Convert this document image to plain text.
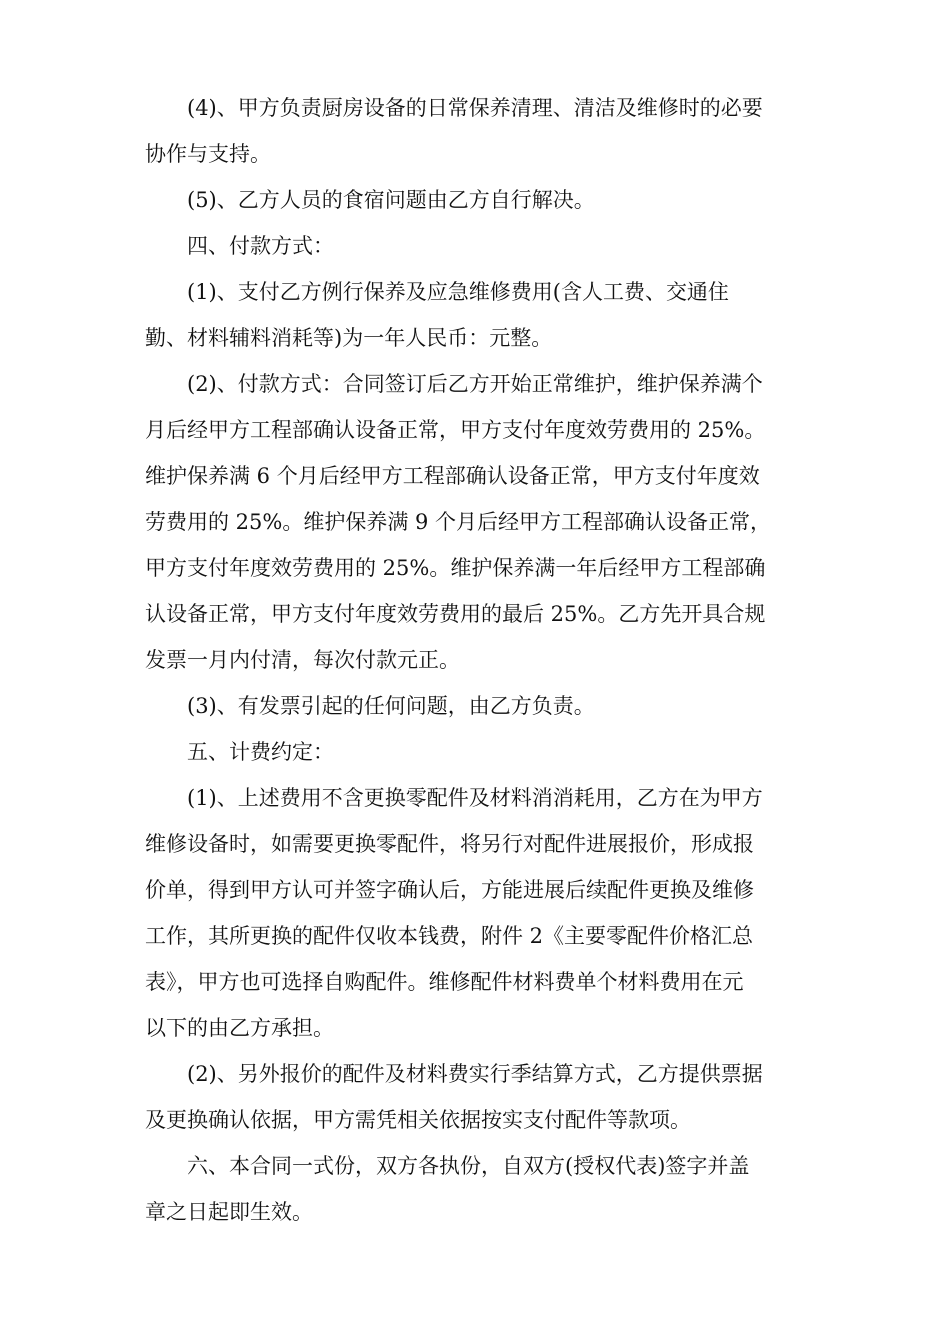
(4)、甲方负责厨房设备的日常保养清理、清洁及维修时的必要
协作与支持。

(5)、乙方人员的食宿问题由乙方自行解决。

四、付款方式：

(1)、支付乙方例行保养及应急维修费用(含人工费、交通住
勤、材料辅料消耗等)为一年人民币：元整。

(2)、付款方式：合同签订后乙方开始正常维护，维护保养满个
月后经甲方工程部确认设备正常，甲方支付年度效劳费用的 25%。
维护保养满 6 个月后经甲方工程部确认设备正常，甲方支付年度效
劳费用的 25%。维护保养满 9 个月后经甲方工程部确认设备正常，
甲方支付年度效劳费用的 25%。维护保养满一年后经甲方工程部确
认设备正常，甲方支付年度效劳费用的最后 25%。乙方先开具合规
发票一月内付清，每次付款元正。

(3)、有发票引起的任何问题，由乙方负责。

五、计费约定：

(1)、上述费用不含更换零配件及材料消消耗用，乙方在为甲方
维修设备时，如需要更换零配件，将另行对配件进展报价，形成报
价单，得到甲方认可并签字确认后，方能进展后续配件更换及维修
工作，其所更换的配件仅收本钱费，附件 2《主要零配件价格汇总
表》，甲方也可选择自购配件。维修配件材料费单个材料费用在元
以下的由乙方承担。

(2)、另外报价的配件及材料费实行季结算方式，乙方提供票据
及更换确认依据，甲方需凭相关依据按实支付配件等款项。

六、本合同一式份，双方各执份，自双方(授权代表)签字并盖
章之日起即生效。
